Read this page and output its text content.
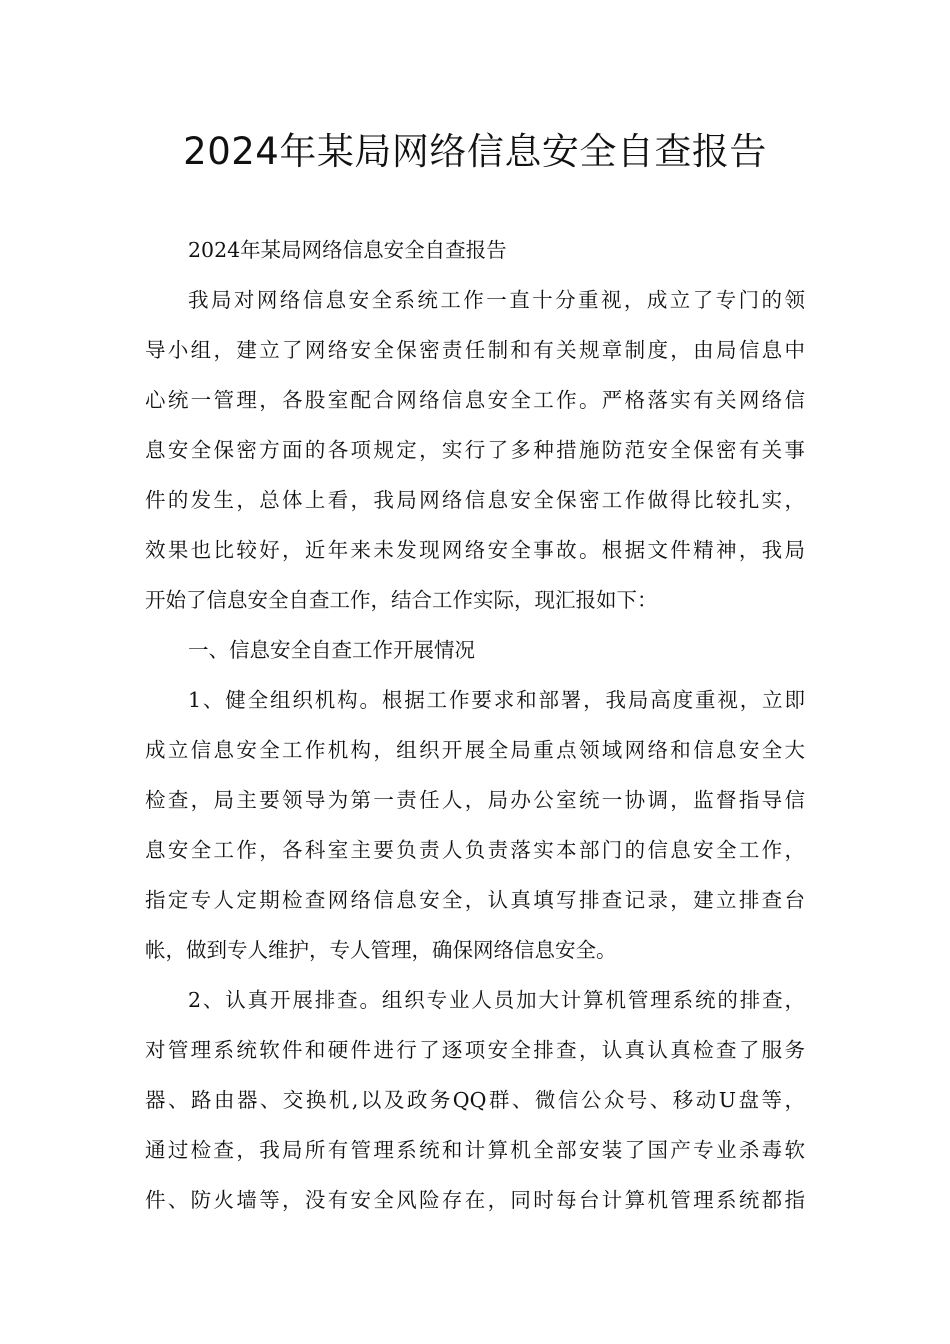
2024年某局网络信息安全自查报告
2024年某局网络信息安全自查报告
我局对网络信息安全系统工作一直十分重视，成立了专门的领
导小组，建立了网络安全保密责任制和有关规章制度，由局信息中
心统一管理，各股室配合网络信息安全工作。严格落实有关网络信
息安全保密方面的各项规定，实行了多种措施防范安全保密有关事
件的发生，总体上看，我局网络信息安全保密工作做得比较扎实，
效果也比较好，近年来未发现网络安全事故。根据文件精神，我局
开始了信息安全自查工作，结合工作实际，现汇报如下：
一、信息安全自查工作开展情况
1、健全组织机构。根据工作要求和部署，我局高度重视，立即
成立信息安全工作机构，组织开展全局重点领域网络和信息安全大
检查，局主要领导为第一责任人，局办公室统一协调，监督指导信
息安全工作，各科室主要负责人负责落实本部门的信息安全工作，
指定专人定期检查网络信息安全，认真填写排查记录，建立排查台
帐，做到专人维护，专人管理，确保网络信息安全。
2、认真开展排查。组织专业人员加大计算机管理系统的排查，
对管理系统软件和硬件进行了逐项安全排查，认真认真检查了服务
器、路由器、交换机,以及政务QQ群、微信公众号、移动U盘等，
通过检查，我局所有管理系统和计算机全部安装了国产专业杀毒软
件、防火墙等，没有安全风险存在，同时每台计算机管理系统都指
